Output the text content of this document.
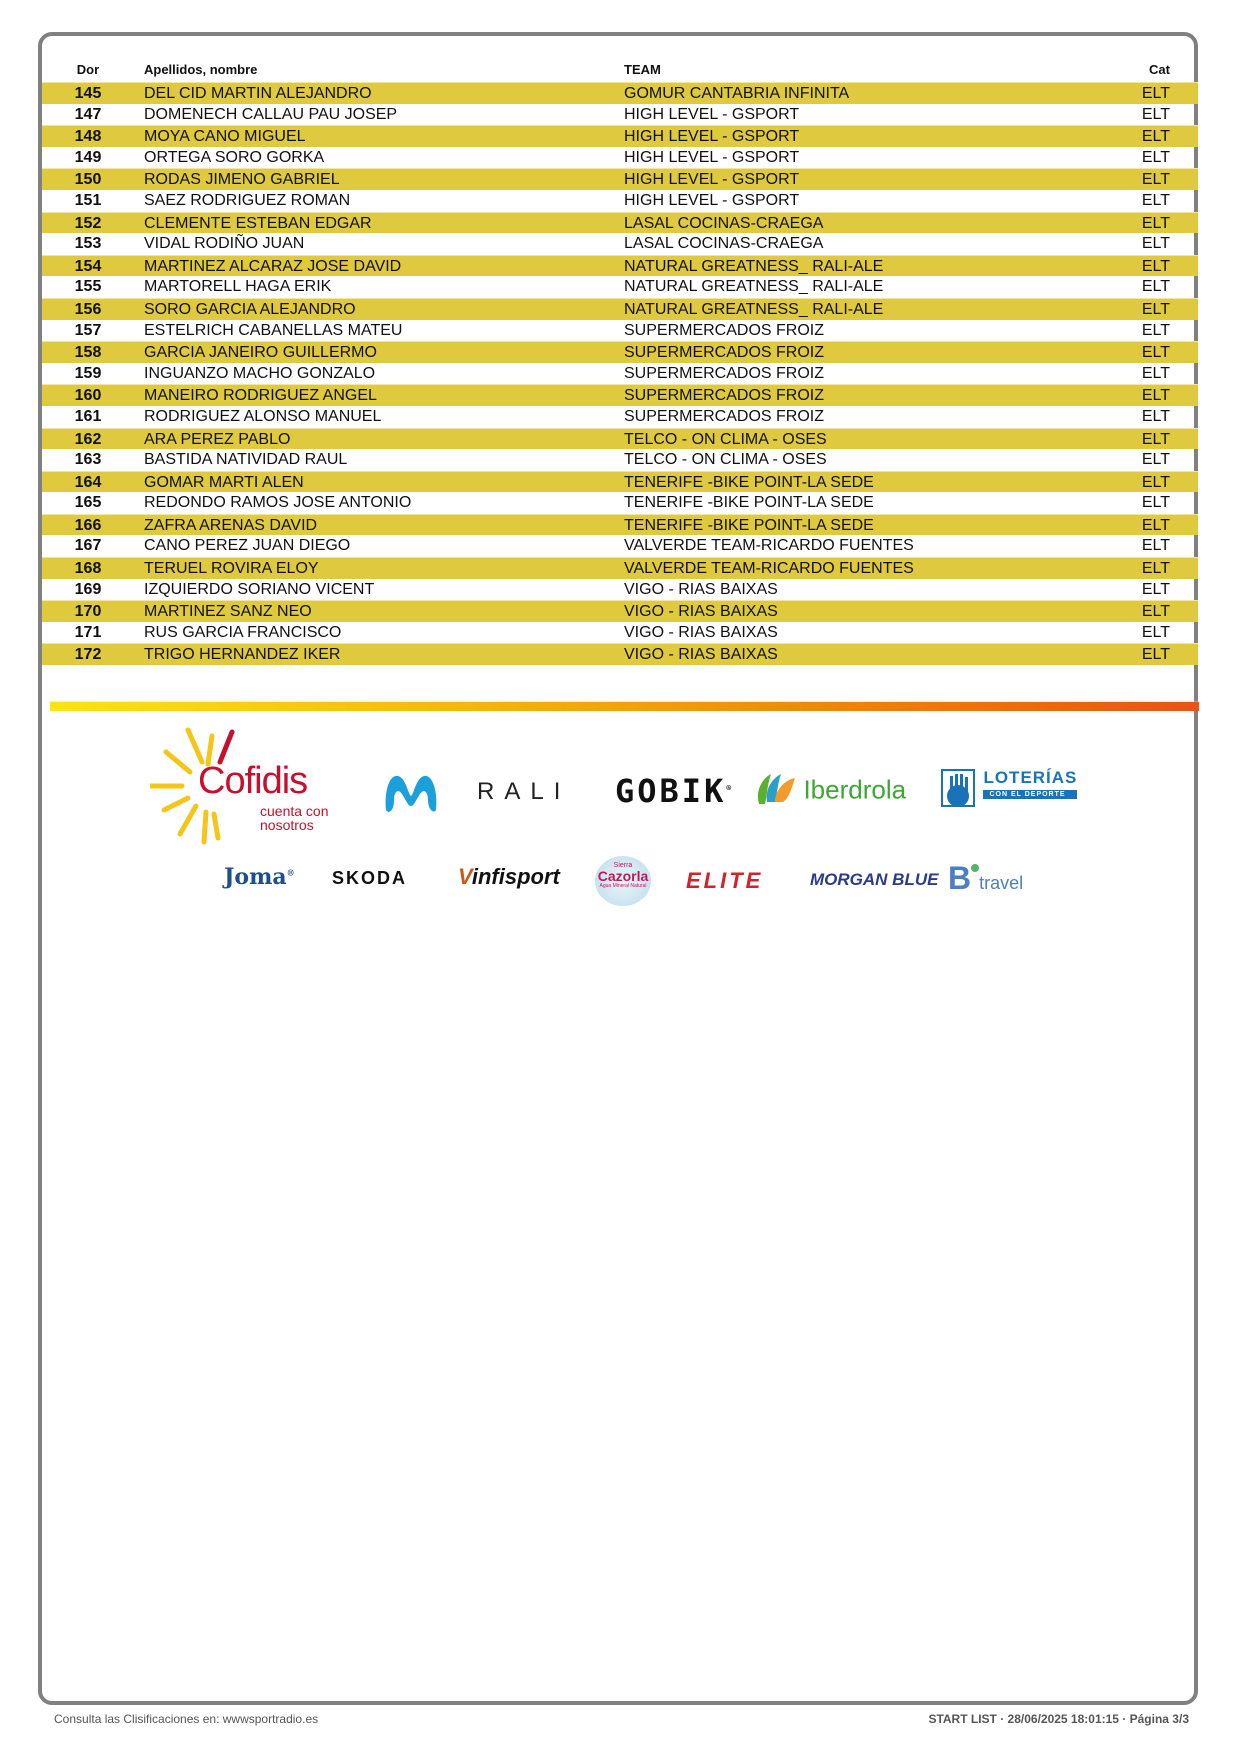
Dor	Apellidos, nombre	TEAM	Cat
145	DEL CID MARTIN ALEJANDRO	GOMUR CANTABRIA INFINITA	ELT
147	DOMENECH CALLAU PAU JOSEP	HIGH LEVEL - GSPORT	ELT
148	MOYA CANO MIGUEL	HIGH LEVEL - GSPORT	ELT
149	ORTEGA SORO GORKA	HIGH LEVEL - GSPORT	ELT
150	RODAS JIMENO GABRIEL	HIGH LEVEL - GSPORT	ELT
151	SAEZ RODRIGUEZ ROMAN	HIGH LEVEL - GSPORT	ELT
152	CLEMENTE ESTEBAN EDGAR	LASAL COCINAS-CRAEGA	ELT
153	VIDAL RODIÑO JUAN	LASAL COCINAS-CRAEGA	ELT
154	MARTINEZ ALCARAZ JOSE DAVID	NATURAL GREATNESS_ RALI-ALE	ELT
155	MARTORELL HAGA ERIK	NATURAL GREATNESS_ RALI-ALE	ELT
156	SORO GARCIA ALEJANDRO	NATURAL GREATNESS_ RALI-ALE	ELT
157	ESTELRICH CABANELLAS MATEU	SUPERMERCADOS FROIZ	ELT
158	GARCIA JANEIRO GUILLERMO	SUPERMERCADOS FROIZ	ELT
159	INGUANZO MACHO GONZALO	SUPERMERCADOS FROIZ	ELT
160	MANEIRO RODRIGUEZ ANGEL	SUPERMERCADOS FROIZ	ELT
161	RODRIGUEZ ALONSO MANUEL	SUPERMERCADOS FROIZ	ELT
162	ARA PEREZ PABLO	TELCO - ON CLIMA - OSES	ELT
163	BASTIDA NATIVIDAD RAUL	TELCO - ON CLIMA - OSES	ELT
164	GOMAR MARTI ALEN	TENERIFE -BIKE POINT-LA SEDE	ELT
165	REDONDO RAMOS JOSE ANTONIO	TENERIFE -BIKE POINT-LA SEDE	ELT
166	ZAFRA ARENAS DAVID	TENERIFE -BIKE POINT-LA SEDE	ELT
167	CANO PEREZ JUAN DIEGO	VALVERDE TEAM-RICARDO FUENTES	ELT
168	TERUEL ROVIRA ELOY	VALVERDE TEAM-RICARDO FUENTES	ELT
169	IZQUIERDO SORIANO VICENT	VIGO - RIAS BAIXAS	ELT
170	MARTINEZ SANZ NEO	VIGO - RIAS BAIXAS	ELT
171	RUS GARCIA FRANCISCO	VIGO - RIAS BAIXAS	ELT
172	TRIGO HERNANDEZ IKER	VIGO - RIAS BAIXAS	ELT
Cofidis
cuenta con
nosotros
RALI GOBIK®	Iberdrola
	LOTERÍAS
CON EL DEPORTE
Joma® SKODA Vinfisport	Sierra
Cazorla
Agua Mineral Natural ELITE	MORGAN BLUE Btravel
Consulta las Clisificaciones en: wwwsportradio.es	START LIST · 28/06/2025 18:01:15 · Página 3/3
